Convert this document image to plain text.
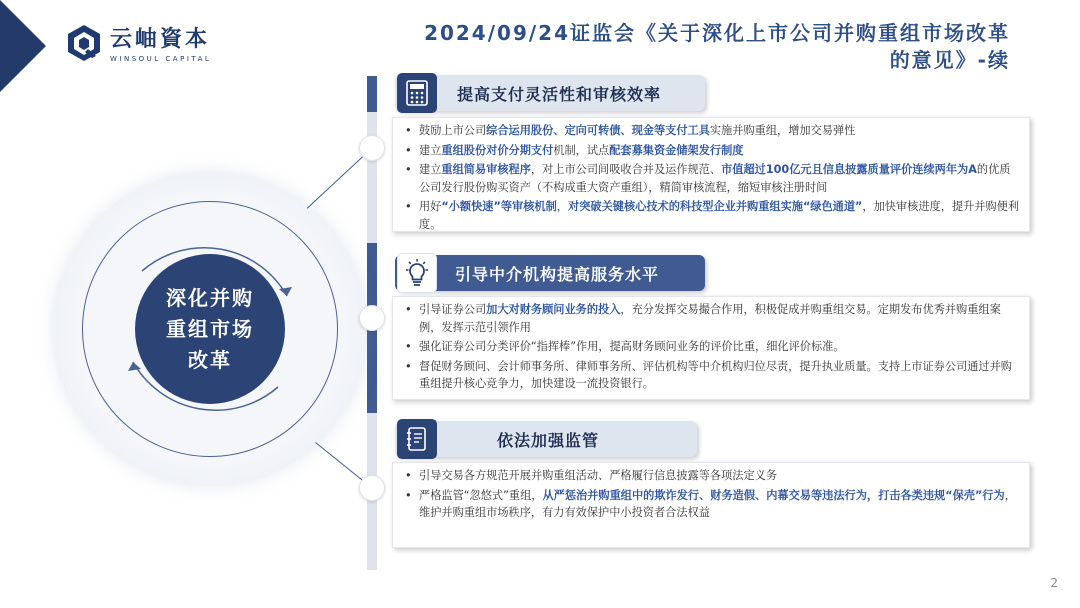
云岫資本
WINSOUL CAPITAL
2024/09/24证监会《关于深化上市公司并购重组市场改革
的意见》-续
深化并购
重组市场
改革
提高支付灵活性和审核效率
• 鼓励上市公司综合运用股份、定向可转债、现金等支付工具实施并购重组，增加交易弹性
• 建立重组股份对价分期支付机制，试点配套募集资金储架发行制度
• 建立重组简易审核程序，对上市公司间吸收合并及运作规范、市值超过100亿元且信息披露质量评价连续两年为A的优质公司发行股份购买资产（不构成重大资产重组），精简审核流程，缩短审核注册时间
• 用好“小额快速”等审核机制，对突破关键核心技术的科技型企业并购重组实施“绿色通道”，加快审核进度，提升并购便利度。
引导中介机构提高服务水平
• 引导证券公司加大对财务顾问业务的投入，充分发挥交易撮合作用，积极促成并购重组交易。定期发布优秀并购重组案例，发挥示范引领作用
• 强化证券公司分类评价“指挥棒”作用，提高财务顾问业务的评价比重，细化评价标准。
• 督促财务顾问、会计师事务所、律师事务所、评估机构等中介机构归位尽责，提升执业质量。支持上市证券公司通过并购重组提升核心竞争力，加快建设一流投资银行。
依法加强监管
• 引导交易各方规范开展并购重组活动、严格履行信息披露等各项法定义务
• 严格监管“忽悠式”重组，从严惩治并购重组中的欺诈发行、财务造假、内幕交易等违法行为，打击各类违规“保壳”行为，维护并购重组市场秩序，有力有效保护中小投资者合法权益
2
